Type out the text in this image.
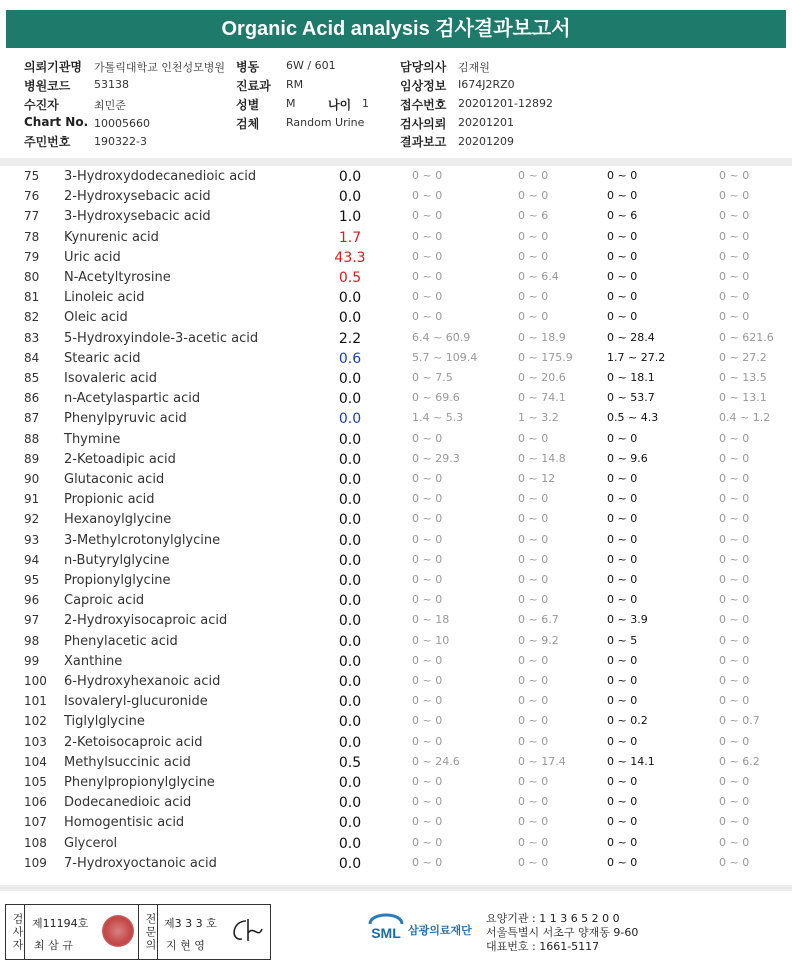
Organic Acid analysis 검사결과보고서
의뢰기관명 가톨릭대학교 인천성모병원 병동 6W / 601	담당의사 김재원
병원코드 53138	진료과 RM	임상정보 I674J2RZ0
수진자	최민준	성별 M	나이 1	접수번호 20201201-12892
Chart No. 10005660	검체 Random Urine	검사의뢰 20201201
주민번호 190322-3	결과보고 20201209
75 3-Hydroxydodecanedioic acid	0.0	0 ~ 0	0 ~ 0	0 ~ 0	0 ~ 0
76 2-Hydroxysebacic acid	0.0	0 ~ 0	0 ~ 0	0 ~ 0	0 ~ 0
77 3-Hydroxysebacic acid	1.0	0 ~ 0	0 ~ 6	0 ~ 6	0 ~ 0
78 Kynurenic acid	1.7	0 ~ 0	0 ~ 0	0 ~ 0	0 ~ 0
79 Uric acid	43.3	0 ~ 0	0 ~ 0	0 ~ 0	0 ~ 0
80 N-Acetyltyrosine	0.5	0 ~ 0	0 ~ 6.4	0 ~ 0	0 ~ 0
81 Linoleic acid	0.0	0 ~ 0	0 ~ 0	0 ~ 0	0 ~ 0
82 Oleic acid	0.0	0 ~ 0	0 ~ 0	0 ~ 0	0 ~ 0
83 5-Hydroxyindole-3-acetic acid	2.2	6.4 ~ 60.9	0 ~ 18.9	0 ~ 28.4	0 ~ 621.6
84 Stearic acid	0.6	5.7 ~ 109.4	0 ~ 175.9	1.7 ~ 27.2	0 ~ 27.2
85 Isovaleric acid	0.0	0 ~ 7.5	0 ~ 20.6	0 ~ 18.1	0 ~ 13.5
86 n-Acetylaspartic acid	0.0	0 ~ 69.6	0 ~ 74.1	0 ~ 53.7	0 ~ 13.1
87 Phenylpyruvic acid	0.0	1.4 ~ 5.3	1 ~ 3.2	0.5 ~ 4.3	0.4 ~ 1.2
88 Thymine	0.0	0 ~ 0	0 ~ 0	0 ~ 0	0 ~ 0
89 2-Ketoadipic acid	0.0	0 ~ 29.3	0 ~ 14.8	0 ~ 9.6	0 ~ 0
90 Glutaconic acid	0.0	0 ~ 0	0 ~ 12	0 ~ 0	0 ~ 0
91 Propionic acid	0.0	0 ~ 0	0 ~ 0	0 ~ 0	0 ~ 0
92 Hexanoylglycine	0.0	0 ~ 0	0 ~ 0	0 ~ 0	0 ~ 0
93 3-Methylcrotonylglycine	0.0	0 ~ 0	0 ~ 0	0 ~ 0	0 ~ 0
94 n-Butyrylglycine	0.0	0 ~ 0	0 ~ 0	0 ~ 0	0 ~ 0
95 Propionylglycine	0.0	0 ~ 0	0 ~ 0	0 ~ 0	0 ~ 0
96 Caproic acid	0.0	0 ~ 0	0 ~ 0	0 ~ 0	0 ~ 0
97 2-Hydroxyisocaproic acid	0.0	0 ~ 18	0 ~ 6.7	0 ~ 3.9	0 ~ 0
98 Phenylacetic acid	0.0	0 ~ 10	0 ~ 9.2	0 ~ 5	0 ~ 0
99 Xanthine	0.0	0 ~ 0	0 ~ 0	0 ~ 0	0 ~ 0
100 6-Hydroxyhexanoic acid	0.0	0 ~ 0	0 ~ 0	0 ~ 0	0 ~ 0
101 Isovaleryl-glucuronide	0.0	0 ~ 0	0 ~ 0	0 ~ 0	0 ~ 0
102 Tiglylglycine	0.0	0 ~ 0	0 ~ 0	0 ~ 0.2	0 ~ 0.7
103 2-Ketoisocaproic acid	0.0	0 ~ 0	0 ~ 0	0 ~ 0	0 ~ 0
104 Methylsuccinic acid	0.5	0 ~ 24.6	0 ~ 17.4	0 ~ 14.1	0 ~ 6.2
105 Phenylpropionylglycine	0.0	0 ~ 0	0 ~ 0	0 ~ 0	0 ~ 0
106 Dodecanedioic acid	0.0	0 ~ 0	0 ~ 0	0 ~ 0	0 ~ 0
107 Homogentisic acid	0.0	0 ~ 0	0 ~ 0	0 ~ 0	0 ~ 0
108 Glycerol	0.0	0 ~ 0	0 ~ 0	0 ~ 0	0 ~ 0
109 7-Hydroxyoctanoic acid	0.0	0 ~ 0	0 ~ 0	0 ~ 0	0 ~ 0
검사자 제11194호
최 삼 규	전문의 제3 3 3 호
지 현 영
SML 삼광의료재단
요양기관 : 1 1 3 6 5 2 0 0
서울특별시 서초구 양재동 9-60
대표번호 : 1661-5117
